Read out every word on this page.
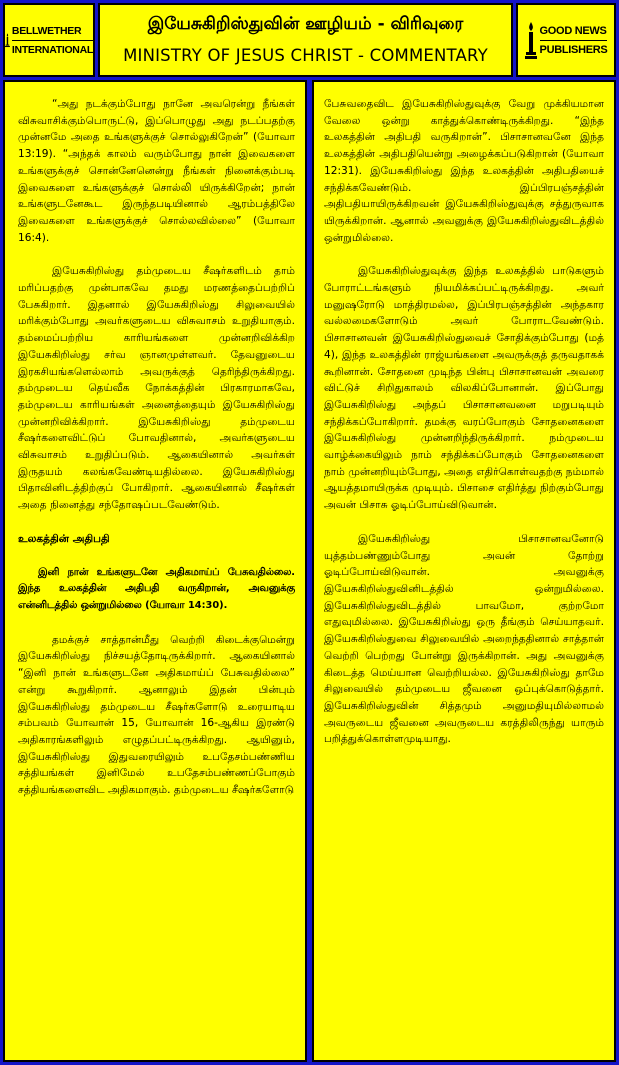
BELLWETHER
INTERNATIONAL
இயேசுகிறிஸ்துவின் ஊழியம் - விரிவுரை
MINISTRY OF JESUS CHRIST - COMMENTARY
GOOD NEWS
PUBLISHERS

“அது நடக்கும்போது நானே அவரென்று நீங்கள் விசுவாசிக்கும்பொருட்டு, இப்பொழுது அது நடப்பதற்கு முன்னமே அதை உங்களுக்குச் சொல்லுகிறேன்” (யோவா 13:19). “அந்தக் காலம் வரும்போது நான் இவைகளை உங்களுக்குச் சொன்னேனென்று நீங்கள் நினைக்கும்படி இவைகளை உங்களுக்குச் சொல்லி யிருக்கிறேன்; நான் உங்களுடனேகூட இருந்தபடியினால் ஆரம்பத்திலே இவைகளை உங்களுக்குச் சொல்லவில்லை” (யோவா 16:4).

இயேசுகிறிஸ்து தம்முடைய சீஷர்களிடம் தாம் மரிப்பதற்கு முன்பாகவே தமது மரணத்தைப்பற்றிப் பேசுகிறார். இதனால் இயேசுகிறிஸ்து சிலுவையில் மரிக்கும்போது அவர்களுடைய விசுவாசம் உறுதியாகும். தம்மைப்பற்றிய காரியங்களை முன்னறிவிக்கிற இயேசுகிறிஸ்து சர்வ ஞானமுள்ளவர். தேவனுடைய இரகசியங்களெல்லாம் அவருக்குத் தெரிந்திருக்கிறது. தம்முடைய தெய்வீக நோக்கத்தின் பிரகாரமாகவே, தம்முடைய காரியங்கள் அனைத்தையும் இயேசுகிறிஸ்து முன்னறிவிக்கிறார். இயேசுகிறிஸ்து தம்முடைய சீஷர்களைவிட்டுப் போவதினால், அவர்களுடைய விசுவாசம் உறுதிப்படும். ஆகையினால் அவர்கள் இருதயம் கலங்கவேண்டியதில்லை. இயேசுகிறிஸ்து பிதாவினிடத்திற்குப் போகிறார். ஆகையினால் சீஷர்கள் அதை நினைத்து சந்தோஷப்படவேண்டும்.

உலகத்தின் அதிபதி

இனி நான் உங்களுடனே அதிகமாய்ப் பேசுவதில்லை. இந்த உலகத்தின் அதிபதி வருகிறான், அவனுக்கு என்னிடத்தில் ஒன்றுமில்லை (யோவா 14:30).

தமக்குச் சாத்தான்மீது வெற்றி கிடைக்குமென்று இயேசுகிறிஸ்து நிச்சயத்தோடிருக்கிறார். ஆகையினால் “இனி நான் உங்களுடனே அதிகமாய்ப் பேசுவதில்லை” என்று கூறுகிறார். ஆனாலும் இதன் பின்பும் இயேசுகிறிஸ்து தம்முடைய சீஷர்களோடு உரையாடிய சம்பவம் யோவான் 15, யோவான் 16-ஆகிய இரண்டு அதிகாரங்களிலும் எழுதப்பட்டிருக்கிறது. ஆயினும், இயேசுகிறிஸ்து இதுவரையிலும் உபதேசம்பண்ணிய சத்தியங்கள் இனிமேல் உபதேசம்பண்ணப்போகும் சத்தியங்களைவிட அதிகமாகும். தம்முடைய சீஷர்களோடு

பேசுவதைவிட இயேசுகிறிஸ்துவுக்கு வேறு முக்கியமான வேலை ஒன்று காத்துக்கொண்டிருக்கிறது. “இந்த உலகத்தின் அதிபதி வருகிறான்”. பிசாசானவனே இந்த உலகத்தின் அதிபதியென்று அழைக்கப்படுகிறான் (யோவா 12:31). இயேசுகிறிஸ்து இந்த உலகத்தின் அதிபதியைச் சந்திக்கவேண்டும். இப்பிரபஞ்சத்தின் அதிபதியாயிருக்கிறவன் இயேசுகிறிஸ்துவுக்கு சத்துருவாக யிருக்கிறான். ஆனால் அவனுக்கு இயேசுகிறிஸ்துவிடத்தில் ஒன்றுமில்லை.

இயேசுகிறிஸ்துவுக்கு இந்த உலகத்தில் பாடுகளும் போராட்டங்களும் நியமிக்கப்பட்டிருக்கிறது. அவர் மனுஷரோடு மாத்திரமல்ல, இப்பிரபஞ்சத்தின் அந்தகார வல்லமைகளோடும் அவர் போராடவேண்டும். பிசாசானவன் இயேசுகிறிஸ்துவைச் சோதிக்கும்போது (மத் 4), இந்த உலகத்தின் ராஜ்யங்களை அவருக்குத் தருவதாகக் கூறினான். சோதனை முடிந்த பின்பு பிசாசானவன் அவரை விட்டுச் சிறிதுகாலம் விலகிப்போனான். இப்போது இயேசுகிறிஸ்து அந்தப் பிசாசானவனை மறுபடியும் சந்திக்கப்போகிறார். தமக்கு வரப்போகும் சோதனைகளை இயேசுகிறிஸ்து முன்னறிந்திருக்கிறார். நம்முடைய வாழ்க்கையிலும் நாம் சந்திக்கப்போகும் சோதனைகளை நாம் முன்னறியும்போது, அதை எதிர்கொள்வதற்கு நம்மால் ஆயத்தமாயிருக்க முடியும். பிசாசை எதிர்த்து நிற்கும்போது அவன் பிசாசு ஓடிப்போய்விடுவான்.

இயேசுகிறிஸ்து பிசாசானவனோடு யுத்தம்பண்ணும்போது அவன் தோற்று ஓடிப்போய்விடுவான். அவனுக்கு இயேசுகிறிஸ்துவினிடத்தில் ஒன்றுமில்லை. இயேசுகிறிஸ்துவிடத்தில் பாவமோ, குற்றமோ எதுவுமில்லை. இயேசுகிறிஸ்து ஒரு தீங்கும் செய்யாதவர். இயேசுகிறிஸ்துவை சிலுவையில் அறைந்ததினால் சாத்தான் வெற்றி பெற்றது போன்று இருக்கிறான். அது அவனுக்கு கிடைத்த மெய்யான வெற்றியல்ல. இயேசுகிறிஸ்து தாமே சிலுவையில் தம்முடைய ஜீவனை ஒப்புக்கொடுத்தார். இயேசுகிறிஸ்துவின் சித்தமும் அனுமதியுமில்லாமல் அவருடைய ஜீவனை அவருடைய கரத்திலிருந்து யாரும் பறித்துக்கொள்ளமுடியாது.
